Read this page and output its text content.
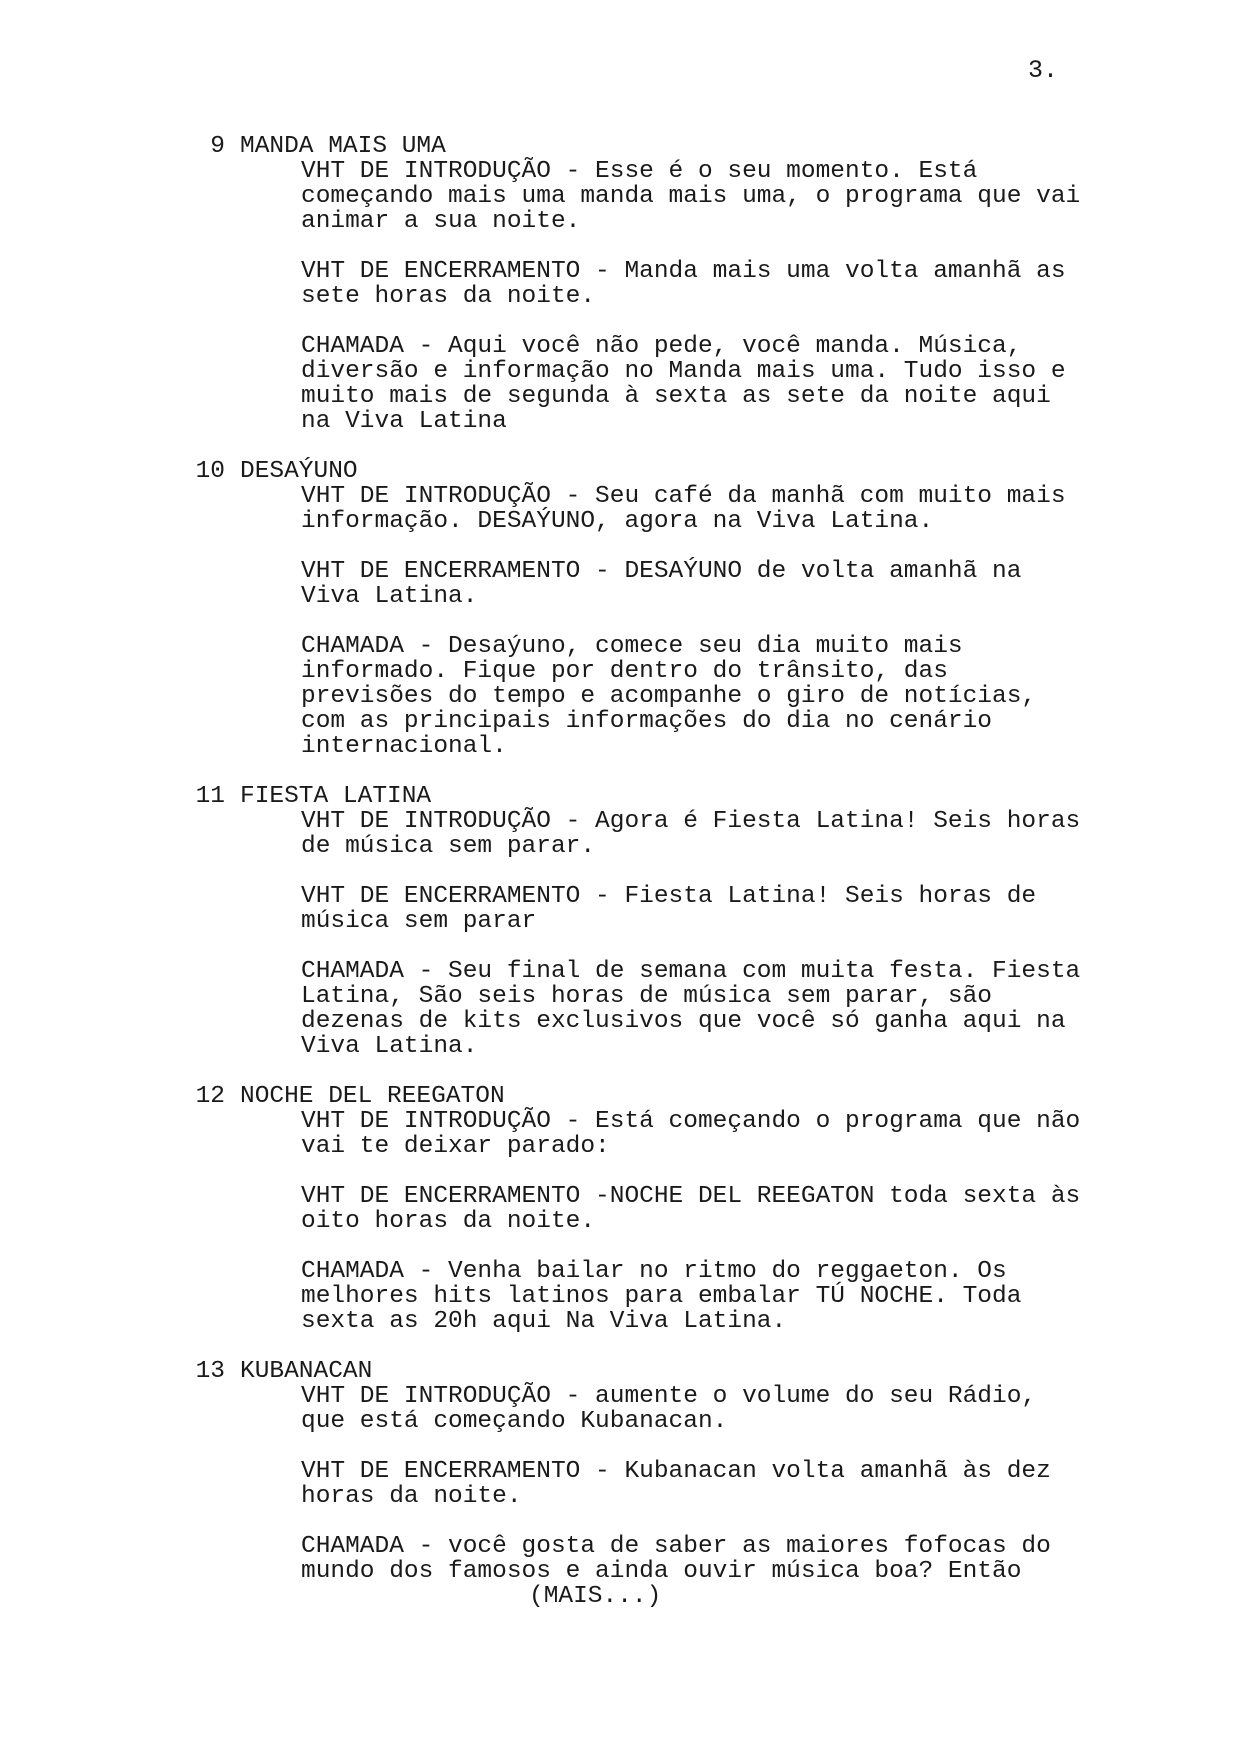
3.
9 MANDA MAIS UMA
VHT DE INTRODUÇÃO - Esse é o seu momento. Está
começando mais uma manda mais uma, o programa que vai
animar a sua noite.
VHT DE ENCERRAMENTO - Manda mais uma volta amanhã as
sete horas da noite.
CHAMADA - Aqui você não pede, você manda. Música,
diversão e informação no Manda mais uma. Tudo isso e
muito mais de segunda à sexta as sete da noite aqui
na Viva Latina
10 DESAÝUNO
VHT DE INTRODUÇÃO - Seu café da manhã com muito mais
informação. DESAÝUNO, agora na Viva Latina.
VHT DE ENCERRAMENTO - DESAÝUNO de volta amanhã na
Viva Latina.
CHAMADA - Desaýuno, comece seu dia muito mais
informado. Fique por dentro do trânsito, das
previsões do tempo e acompanhe o giro de notícias,
com as principais informações do dia no cenário
internacional.
11 FIESTA LATINA
VHT DE INTRODUÇÃO - Agora é Fiesta Latina! Seis horas
de música sem parar.
VHT DE ENCERRAMENTO - Fiesta Latina! Seis horas de
música sem parar
CHAMADA - Seu final de semana com muita festa. Fiesta
Latina, São seis horas de música sem parar, são
dezenas de kits exclusivos que você só ganha aqui na
Viva Latina.
12 NOCHE DEL REEGATON
VHT DE INTRODUÇÃO - Está começando o programa que não
vai te deixar parado:
VHT DE ENCERRAMENTO -NOCHE DEL REEGATON toda sexta às
oito horas da noite.
CHAMADA - Venha bailar no ritmo do reggaeton. Os
melhores hits latinos para embalar TÚ NOCHE. Toda
sexta as 20h aqui Na Viva Latina.
13 KUBANACAN
VHT DE INTRODUÇÃO - aumente o volume do seu Rádio,
que está começando Kubanacan.
VHT DE ENCERRAMENTO - Kubanacan volta amanhã às dez
horas da noite.
CHAMADA - você gosta de saber as maiores fofocas do
mundo dos famosos e ainda ouvir música boa? Então
(MAIS...)
